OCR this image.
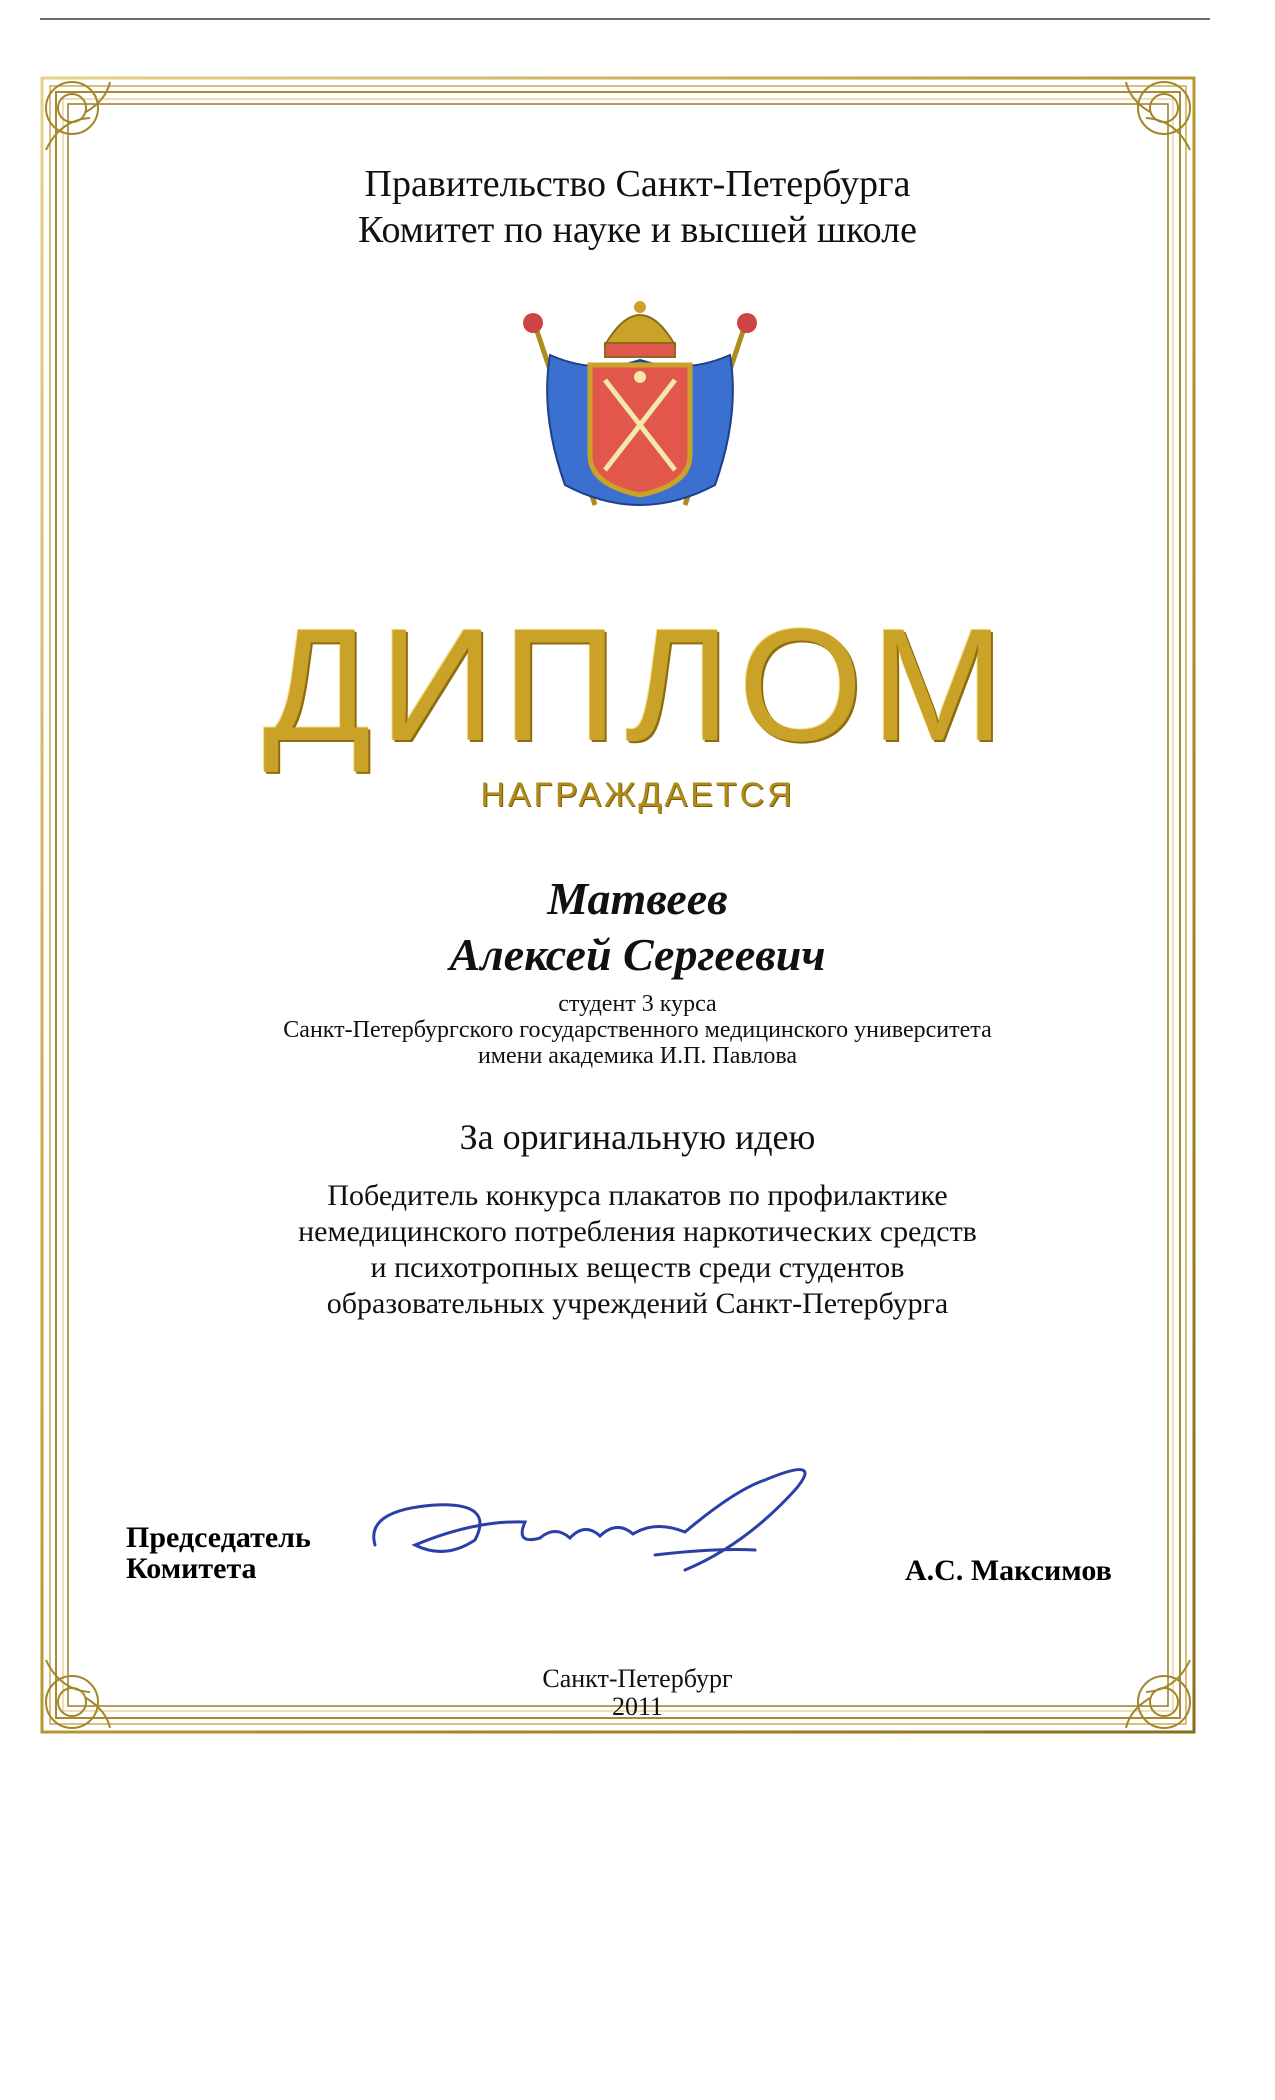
Правительство Санкт-Петербурга

Комитет по науке и высшей школе

ДИПЛОМ

НАГРАЖДАЕТСЯ

Матвеев

Алексей Сергеевич

студент 3 курса

Санкт-Петербургского государственного медицинского университета

имени академика И.П. Павлова

За оригинальную идею

Победитель конкурса плакатов по профилактике

немедицинского потребления наркотических средств

и психотропных веществ среди студентов

образовательных учреждений Санкт-Петербурга

Председатель
Комитета	А.С. Максимов

Санкт-Петербург

2011
